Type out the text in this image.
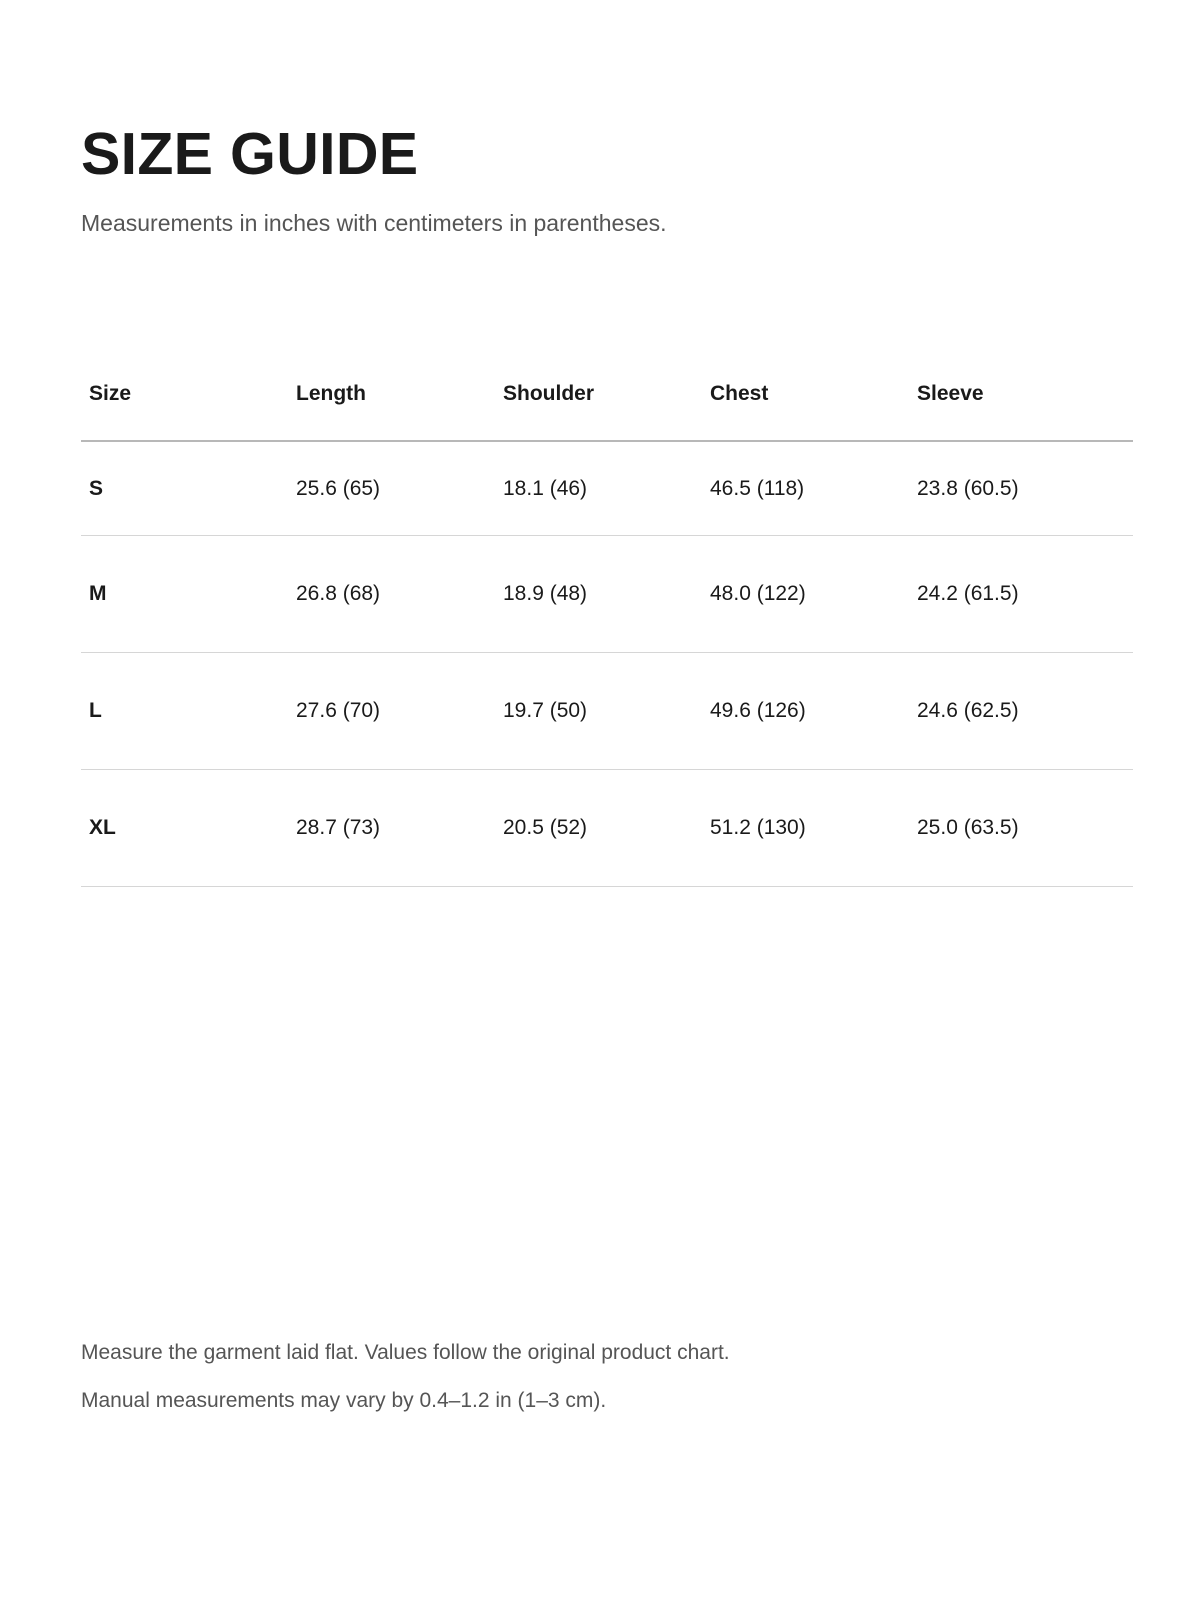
SIZE GUIDE

Measurements in inches with centimeters in parentheses.

Size	Length	Shoulder	Chest	Sleeve
S	25.6 (65)	18.1 (46)	46.5 (118)	23.8 (60.5)
M	26.8 (68)	18.9 (48)	48.0 (122)	24.2 (61.5)
L	27.6 (70)	19.7 (50)	49.6 (126)	24.6 (62.5)
XL	28.7 (73)	20.5 (52)	51.2 (130)	25.0 (63.5)

Measure the garment laid flat. Values follow the original product chart.

Manual measurements may vary by 0.4–1.2 in (1–3 cm).
